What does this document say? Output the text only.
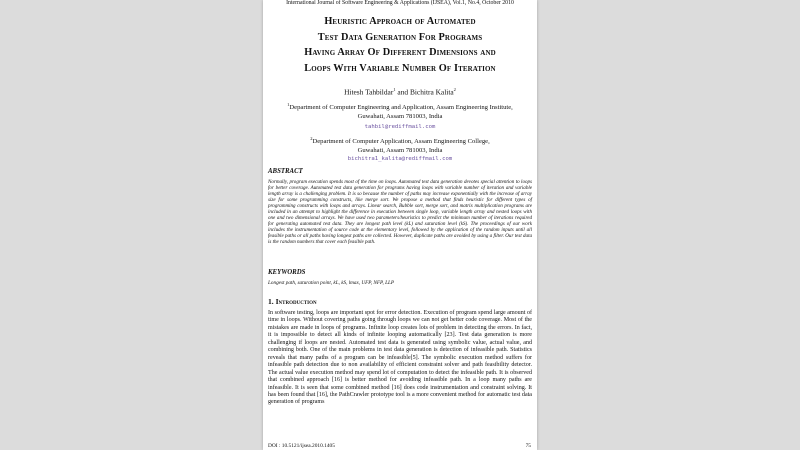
International Journal of Software Engineering & Applications (IJSEA), Vol.1, No.4, October 2010
Heuristic Approach of Automated
Test Data Generation For Programs
Having Array Of Different Dimensions and
Loops With Variable Number Of Iteration
Hitesh Tahbildar$^1$ and Bichitra Kalita$^2$
$^1$Department of Computer Engineering and Application, Assam Engineering Institute,
Guwahati, Assam 781003, India
tahbil@rediffmail.com
$^2$Department of Computer Application, Assam Engineering College,
Guwahati, Assam 781003, India
bichitra1_kalita@rediffmail.com
ABSTRACT
Normally, program execution spends most of the time on loops. Automated test data generation devotes special attention to loops for better coverage. Automated test data generation for programs having loops with variable number of iteration and variable length array is a challenging problem. It is so because the number of paths may increase exponentially with the increase of array size for some programming constructs, like merge sort. We propose a method that finds heuristic for different types of programming constructs with loops and arrays. Linear search, Bubble sort, merge sort, and matrix multiplication programs are included in an attempt to highlight the difference in execution between single loop, variable length array and nested loops with one and two dimensional arrays. We have used two parameters/heuristics to predict the minimum number of iterations required for generating automated test data. They are longest path level (kL) and saturation level (kS). The proceedings of our work includes the instrumentation of source code at the elementary level, followed by the application of the random inputs until all feasible paths or all paths having longest paths are collected. However, duplicate paths are avoided by using a filter. Our test data is the random numbers that cover each feasible path.
KEYWORDS
Longest path, saturation point, kL, kS, lmax, UFP, NFP, LLP
1. Introduction
In software testing, loops are important spot for error detection. Execution of program spend large amount of time in loops. Without covering paths going through loops we can not get better code coverage. Most of the mistakes are made in loops of programs. Infinite loop creates lots of problem in detecting the errors. In fact, it is impossible to detect all kinds of infinite looping automatically [23]. Test data generation is more challenging if loops are nested. Automated test data is generated using symbolic value, actual value, and combining both. One of the main problems in test data generation is detection of infeasible path. Statistics reveals that many paths of a program can be infeasible[5]. The symbolic execution method suffers for infeasible path detection due to non availability of efficient constraint solver and path feasibility detector. The actual value execution method may spend lot of computation to detect the infeasible path. It is observed that combined approach [16] is better method for avoiding infeasible path. In a loop many paths are infeasible. It is seen that some combined method [16] does code instrumentation and constraint solving. It has been found that [16], the PathCrawler prototype tool is a more convenient method for automatic test data generation of programs
DOI : 10.5121/ijsea.2010.1405	75
